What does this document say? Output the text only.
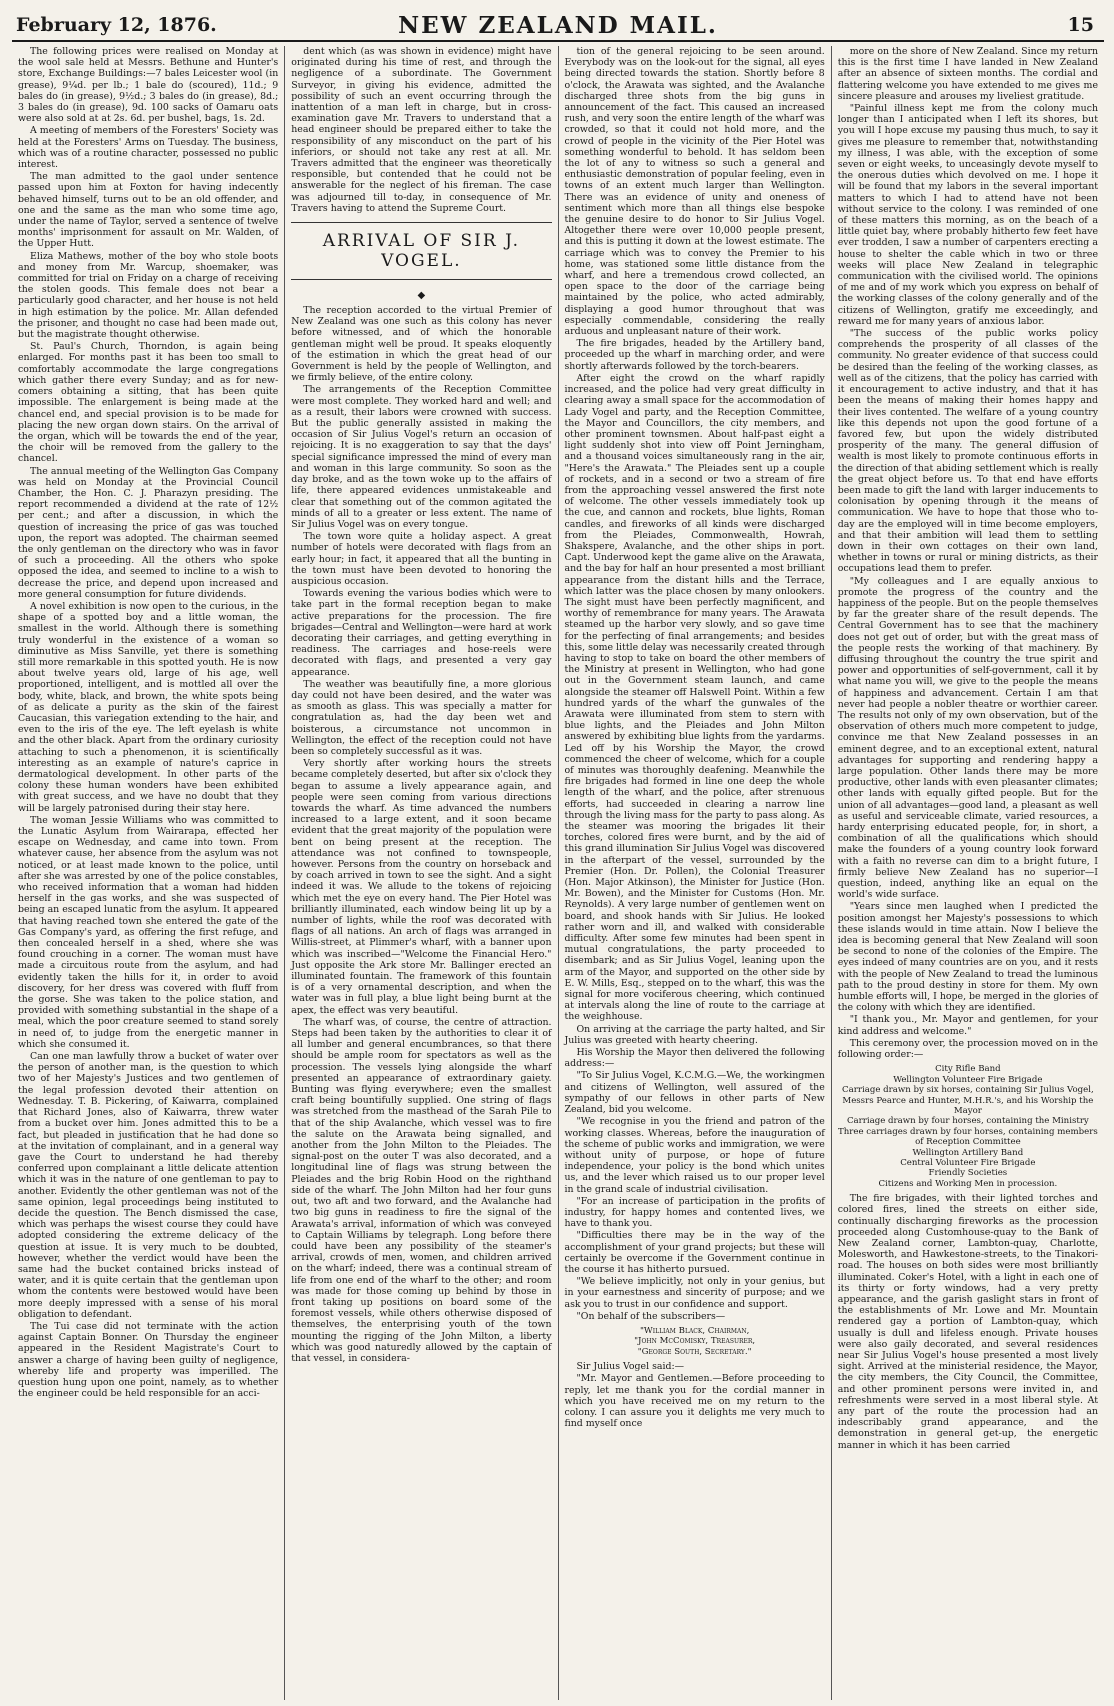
February 12, 1876.	NEW ZEALAND MAIL.	15

The following prices were realised on Monday at the wool sale held at Messrs. Bethune and Hunter's store, Exchange Buildings:—7 bales Leicester wool (in grease), 9¼d. per lb.; 1 bale do (scoured), 11d.; 9 bales do (in grease), 9½d.; 3 bales do (in grease), 8d.; 3 bales do (in grease), 9d. 100 sacks of Oamaru oats were also sold at at 2s. 6d. per bushel, bags, 1s. 2d.

A meeting of members of the Foresters' Society was held at the Foresters' Arms on Tuesday. The business, which was of a routine character, possessed no public interest.

The man admitted to the gaol under sentence passed upon him at Foxton for having indecently behaved himself, turns out to be an old offender, and one and the same as the man who some time ago, under the name of Taylor, served a sentence of twelve months' imprisonment for assault on Mr. Walden, of the Upper Hutt.

Eliza Mathews, mother of the boy who stole boots and money from Mr. Warcup, shoemaker, was committed for trial on Friday on a charge of receiving the stolen goods. This female does not bear a particularly good character, and her house is not held in high estimation by the police. Mr. Allan defended the prisoner, and thought no case had been made out, but the magistrate thought otherwise.

St. Paul's Church, Thorndon, is again being enlarged. For months past it has been too small to comfortably accommodate the large congregations which gather there every Sunday; and as for new-comers obtaining a sitting, that has been quite impossible. The enlargement is being made at the chancel end, and special provision is to be made for placing the new organ down stairs. On the arrival of the organ, which will be towards the end of the year, the choir will be removed from the gallery to the chancel.

The annual meeting of the Wellington Gas Company was held on Monday at the Provincial Council Chamber, the Hon. C. J. Pharazyn presiding. The report recommended a dividend at the rate of 12½ per cent.; and after a discussion, in which the question of increasing the price of gas was touched upon, the report was adopted. The chairman seemed the only gentleman on the directory who was in favor of such a proceeding. All the others who spoke opposed the idea, and seemed to incline to a wish to decrease the price, and depend upon increased and more general consumption for future dividends.

A novel exhibition is now open to the curious, in the shape of a spotted boy and a little woman, the smallest in the world. Although there is something truly wonderful in the existence of a woman so diminutive as Miss Sanville, yet there is something still more remarkable in this spotted youth. He is now about twelve years old, large of his age, well proportioned, intelligent, and is mottled all over the body, white, black, and brown, the white spots being of as delicate a purity as the skin of the fairest Caucasian, this variegation extending to the hair, and even to the iris of the eye. The left eyelash is white and the other black. Apart from the ordinary curiosity attaching to such a phenomenon, it is scientifically interesting as an example of nature's caprice in dermatological development. In other parts of the colony these human wonders have been exhibited with great success, and we have no doubt that they will be largely patronised during their stay here.

The woman Jessie Williams who was committed to the Lunatic Asylum from Wairarapa, effected her escape on Wednesday, and came into town. From whatever cause, her absence from the asylum was not noticed, or at least made known to the police, until after she was arrested by one of the police constables, who received information that a woman had hidden herself in the gas works, and she was suspected of being an escaped lunatic from the asylum. It appeared that having reached town she entered the gate of the Gas Company's yard, as offering the first refuge, and then concealed herself in a shed, where she was found crouching in a corner. The woman must have made a circuitous route from the asylum, and had evidently taken the hills for it, in order to avoid discovery, for her dress was covered with fluff from the gorse. She was taken to the police station, and provided with something substantial in the shape of a meal, which the poor creature seemed to stand sorely in need of, to judge from the energetic manner in which she consumed it.

Can one man lawfully throw a bucket of water over the person of another man, is the question to which two of her Majesty's Justices and two gentlemen of the legal profession devoted their attention on Wednesday. T. B. Pickering, of Kaiwarra, complained that Richard Jones, also of Kaiwarra, threw water from a bucket over him. Jones admitted this to be a fact, but pleaded in justification that he had done so at the invitation of complainant, and in a general way gave the Court to understand he had thereby conferred upon complainant a little delicate attention which it was in the nature of one gentleman to pay to another. Evidently the other gentleman was not of the same opinion, legal proceedings being instituted to decide the question. The Bench dismissed the case, which was perhaps the wisest course they could have adopted considering the extreme delicacy of the question at issue. It is very much to be doubted, however, whether the verdict would have been the same had the bucket contained bricks instead of water, and it is quite certain that the gentleman upon whom the contents were bestowed would have been more deeply impressed with a sense of his moral obligation to defendant.

The Tui case did not terminate with the action against Captain Bonner. On Thursday the engineer appeared in the Resident Magistrate's Court to answer a charge of having been guilty of negligence, whereby life and property was imperilled. The question hung upon one point, namely, as to whether the engineer could be held responsible for an acci-

dent which (as was shown in evidence) might have originated during his time of rest, and through the negligence of a subordinate. The Government Surveyor, in giving his evidence, admitted the possibility of such an event occurring through the inattention of a man left in charge, but in cross-examination gave Mr. Travers to understand that a head engineer should be prepared either to take the responsibility of any misconduct on the part of his inferiors, or should not take any rest at all. Mr. Travers admitted that the engineer was theoretically responsible, but contended that he could not be answerable for the neglect of his fireman. The case was adjourned till to-day, in consequence of Mr. Travers having to attend the Supreme Court.

ARRIVAL OF SIR J. VOGEL.
◆

The reception accorded to the virtual Premier of New Zealand was one such as this colony has never before witnessed, and of which the honorable gentleman might well be proud. It speaks eloquently of the estimation in which the great head of our Government is held by the people of Wellington, and we firmly believe, of the entire colony.

The arrangements of the Reception Committee were most complete. They worked hard and well; and as a result, their labors were crowned with success. But the public generally assisted in making the occasion of Sir Julius Vogel's return an occasion of rejoicing. It is no exaggeration to say that the days' special significance impressed the mind of every man and woman in this large community. So soon as the day broke, and as the town woke up to the affairs of life, there appeared evidences unmistakeable and clear that something out of the common agitated the minds of all to a greater or less extent. The name of Sir Julius Vogel was on every tongue.

The town wore quite a holiday aspect. A great number of hotels were decorated with flags from an early hour; in fact, it appeared that all the bunting in the town must have been devoted to honoring the auspicious occasion.

Towards evening the various bodies which were to take part in the formal reception began to make active preparations for the procession. The fire brigades—Central and Wellington—were hard at work decorating their carriages, and getting everything in readiness. The carriages and hose-reels were decorated with flags, and presented a very gay appearance.

The weather was beautifully fine, a more glorious day could not have been desired, and the water was as smooth as glass. This was specially a matter for congratulation as, had the day been wet and boisterous, a circumstance not uncommon in Wellington, the effect of the reception could not have been so completely successful as it was.

Very shortly after working hours the streets became completely deserted, but after six o'clock they began to assume a lively appearance again, and people were seen coming from various directions towards the wharf. As time advanced the numbers increased to a large extent, and it soon became evident that the great majority of the population were bent on being present at the reception. The attendance was not confined to townspeople, however. Persons from the country on horseback and by coach arrived in town to see the sight. And a sight indeed it was. We allude to the tokens of rejoicing which met the eye on every hand. The Pier Hotel was brilliantly illuminated, each window being lit up by a number of lights, while the roof was decorated with flags of all nations. An arch of flags was arranged in Willis-street, at Plimmer's wharf, with a banner upon which was inscribed—"Welcome the Financial Hero." Just opposite the Ark store Mr. Ballinger erected an illuminated fountain. The framework of this fountain is of a very ornamental description, and when the water was in full play, a blue light being burnt at the apex, the effect was very beautiful.

The wharf was, of course, the centre of attraction. Steps had been taken by the authorities to clear it of all lumber and general encumbrances, so that there should be ample room for spectators as well as the procession. The vessels lying alongside the wharf presented an appearance of extraordinary gaiety. Bunting was flying everywhere; even the smallest craft being bountifully supplied. One string of flags was stretched from the masthead of the Sarah Pile to that of the ship Avalanche, which vessel was to fire the salute on the Arawata being signalled, and another from the John Milton to the Pleiades. The signal-post on the outer T was also decorated, and a longitudinal line of flags was strung between the Pleiades and the brig Robin Hood on the righthand side of the wharf. The John Milton had her four guns out, two aft and two forward, and the Avalanche had two big guns in readiness to fire the signal of the Arawata's arrival, information of which was conveyed to Captain Williams by telegraph. Long before there could have been any possibility of the steamer's arrival, crowds of men, women, and children arrived on the wharf; indeed, there was a continual stream of life from one end of the wharf to the other; and room was made for those coming up behind by those in front taking up positions on board some of the foremost vessels, while others otherwise disposed of themselves, the enterprising youth of the town mounting the rigging of the John Milton, a liberty which was good naturedly allowed by the captain of that vessel, in considera-

tion of the general rejoicing to be seen around. Everybody was on the look-out for the signal, all eyes being directed towards the station. Shortly before 8 o'clock, the Arawata was sighted, and the Avalanche discharged three shots from the big guns in announcement of the fact. This caused an increased rush, and very soon the entire length of the wharf was crowded, so that it could not hold more, and the crowd of people in the vicinity of the Pier Hotel was something wonderful to behold. It has seldom been the lot of any to witness so such a general and enthusiastic demonstration of popular feeling, even in towns of an extent much larger than Wellington. There was an evidence of unity and oneness of sentiment which more than all things else bespoke the genuine desire to do honor to Sir Julius Vogel. Altogether there were over 10,000 people present, and this is putting it down at the lowest estimate. The carriage which was to convey the Premier to his home, was stationed some little distance from the wharf, and here a tremendous crowd collected, an open space to the door of the carriage being maintained by the police, who acted admirably, displaying a good humor throughout that was especially commendable, considering the really arduous and unpleasant nature of their work.

The fire brigades, headed by the Artillery band, proceeded up the wharf in marching order, and were shortly afterwards followed by the torch-bearers.

After eight the crowd on the wharf rapidly increased, and the police had very great difficulty in clearing away a small space for the accommodation of Lady Vogel and party, and the Reception Committee, the Mayor and Councillors, the city members, and other prominent townsmen. About half-past eight a light suddenly shot into view off Point Jerningham, and a thousand voices simultaneously rang in the air, "Here's the Arawata." The Pleiades sent up a couple of rockets, and in a second or two a stream of fire from the approaching vessel answered the first note of welcome. The other vessels immediately took up the cue, and cannon and rockets, blue lights, Roman candles, and fireworks of all kinds were discharged from the Pleiades, Commonwealth, Howrah, Shakspere, Avalanche, and the other ships in port. Capt. Underwood kept the game alive on the Arawata, and the bay for half an hour presented a most brilliant appearance from the distant hills and the Terrace, which latter was the place chosen by many onlookers. The sight must have been perfectly magnificent, and worthy of remembrance for many years. The Arawata steamed up the harbor very slowly, and so gave time for the perfecting of final arrangements; and besides this, some little delay was necessarily created through having to stop to take on board the other members of the Ministry at present in Wellington, who had gone out in the Government steam launch, and came alongside the steamer off Halswell Point. Within a few hundred yards of the wharf the gunwales of the Arawata were illuminated from stem to stern with blue lights, and the Pleiades and John Milton answered by exhibiting blue lights from the yardarms. Led off by his Worship the Mayor, the crowd commenced the cheer of welcome, which for a couple of minutes was thoroughly deafening. Meanwhile the fire brigades had formed in line one deep the whole length of the wharf, and the police, after strenuous efforts, had succeeded in clearing a narrow line through the living mass for the party to pass along. As the steamer was mooring the brigades lit their torches, colored fires were burnt, and by the aid of this grand illumination Sir Julius Vogel was discovered in the afterpart of the vessel, surrounded by the Premier (Hon. Dr. Pollen), the Colonial Treasurer (Hon. Major Atkinson), the Minister for Justice (Hon. Mr. Bowen), and the Minister for Customs (Hon. Mr. Reynolds). A very large number of gentlemen went on board, and shook hands with Sir Julius. He looked rather worn and ill, and walked with considerable difficulty. After some few minutes had been spent in mutual congratulations, the party proceeded to disembark; and as Sir Julius Vogel, leaning upon the arm of the Mayor, and supported on the other side by E. W. Mills, Esq., stepped on to the wharf, this was the signal for more vociferous cheering, which continued at intervals along the line of route to the carriage at the weighhouse.

On arriving at the carriage the party halted, and Sir Julius was greeted with hearty cheering.

His Worship the Mayor then delivered the following address:—

"To Sir Julius Vogel, K.C.M.G.—We, the workingmen and citizens of Wellington, well assured of the sympathy of our fellows in other parts of New Zealand, bid you welcome.

"We recognise in you the friend and patron of the working classes. Whereas, before the inauguration of the scheme of public works and immigration, we were without unity of purpose, or hope of future independence, your policy is the bond which unites us, and the lever which raised us to our proper level in the grand scale of industrial civilisation.

"For an increase of participation in the profits of industry, for happy homes and contented lives, we have to thank you.

"Difficulties there may be in the way of the accomplishment of your grand projects; but these will certainly be overcome if the Government continue in the course it has hitherto pursued.

"We believe implicitly, not only in your genius, but in your earnestness and sincerity of purpose; and we ask you to trust in our confidence and support.

"On behalf of the subscribers—

"William Black, Chairman,
"John McComisky, Treasurer,
"George South, Secretary."

Sir Julius Vogel said:—

"Mr. Mayor and Gentlemen.—Before proceeding to reply, let me thank you for the cordial manner in which you have received me on my return to the colony. I can assure you it delights me very much to find myself once

more on the shore of New Zealand. Since my return this is the first time I have landed in New Zealand after an absence of sixteen months. The cordial and flattering welcome you have extended to me gives me sincere pleasure and arouses my liveliest gratitude.

"Painful illness kept me from the colony much longer than I anticipated when I left its shores, but you will I hope excuse my pausing thus much, to say it gives me pleasure to remember that, notwithstanding my illness, I was able, with the exception of some seven or eight weeks, to unceasingly devote myself to the onerous duties which devolved on me. I hope it will be found that my labors in the several important matters to which I had to attend have not been without service to the colony. I was reminded of one of these matters this morning, as on the beach of a little quiet bay, where probably hitherto few feet have ever trodden, I saw a number of carpenters erecting a house to shelter the cable which in two or three weeks will place New Zealand in telegraphic communication with the civilised world. The opinions of me and of my work which you express on behalf of the working classes of the colony generally and of the citizens of Wellington, gratify me exceedingly, and reward me for many years of anxious labor.

"The success of the public works policy comprehends the prosperity of all classes of the community. No greater evidence of that success could be desired than the feeling of the working classes, as well as of the citizens, that the policy has carried with it encouragement to active industry, and that it has been the means of making their homes happy and their lives contented. The welfare of a young country like this depends not upon the good fortune of a favored few, but upon the widely distributed prosperity of the many. The general diffusion of wealth is most likely to promote continuous efforts in the direction of that abiding settlement which is really the great object before us. To that end have efforts been made to gift the land with larger inducements to colonisation by opening through it the means of communication. We have to hope that those who to-day are the employed will in time become employers, and that their ambition will lead them to settling down in their own cottages on their own land, whether in towns or rural or mining districts, as their occupations lead them to prefer.

"My colleagues and I are equally anxious to promote the progress of the country and the happiness of the people. But on the people themselves by far the greater share of the result depends. The Central Government has to see that the machinery does not get out of order, but with the great mass of the people rests the working of that machinery. By diffusing throughout the country the true spirit and power and opportunities of self-government, call it by what name you will, we give to the people the means of happiness and advancement. Certain I am that never had people a nobler theatre or worthier career. The results not only of my own observation, but of the observation of others much more competent to judge, convince me that New Zealand possesses in an eminent degree, and to an exceptional extent, natural advantages for supporting and rendering happy a large population. Other lands there may be more productive, other lands with even pleasanter climates; other lands with equally gifted people. But for the union of all advantages—good land, a pleasant as well as useful and serviceable climate, varied resources, a hardy enterprising educated people, for, in short, a combination of all the qualifications which should make the founders of a young country look forward with a faith no reverse can dim to a bright future, I firmly believe New Zealand has no superior—I question, indeed, anything like an equal on the world's wide surface.

"Years since men laughed when I predicted the position amongst her Majesty's possessions to which these islands would in time attain. Now I believe the idea is becoming general that New Zealand will soon be second to none of the colonies of the Empire. The eyes indeed of many countries are on you, and it rests with the people of New Zealand to tread the luminous path to the proud destiny in store for them. My own humble efforts will, I hope, be merged in the glories of the colony with which they are identified.

"I thank you., Mr. Mayor and gentlemen, for your kind address and welcome."

This ceremony over, the procession moved on in the following order:—

City Rifle Band
Wellington Volunteer Fire Brigade
Carriage drawn by six horses, containing Sir Julius Vogel, Messrs Pearce and Hunter, M.H.R.'s, and his Worship the Mayor
Carriage drawn by four horses, containing the Ministry
Three carriages drawn by four horses, containing members of Reception Committee
Wellington Artillery Band
Central Volunteer Fire Brigade
Friendly Societies
Citizens and Working Men in procession.

The fire brigades, with their lighted torches and colored fires, lined the streets on either side, continually discharging fireworks as the procession proceeded along Customhouse-quay to the Bank of New Zealand corner, Lambton-quay, Charlotte, Molesworth, and Hawkestone-streets, to the Tinakori-road. The houses on both sides were most brilliantly illuminated. Coker's Hotel, with a light in each one of its thirty or forty windows, had a very pretty appearance, and the garish gaslight stars in front of the establishments of Mr. Lowe and Mr. Mountain rendered gay a portion of Lambton-quay, which usually is dull and lifeless enough. Private houses were also gaily decorated, and several residences near Sir Julius Vogel's house presented a most lively sight. Arrived at the ministerial residence, the Mayor, the city members, the City Council, the Committee, and other prominent persons were invited in, and refreshments were served in a most liberal style. At any part of the route the procession had an indescribably grand appearance, and the demonstration in general get-up, the energetic manner in which it has been carried
